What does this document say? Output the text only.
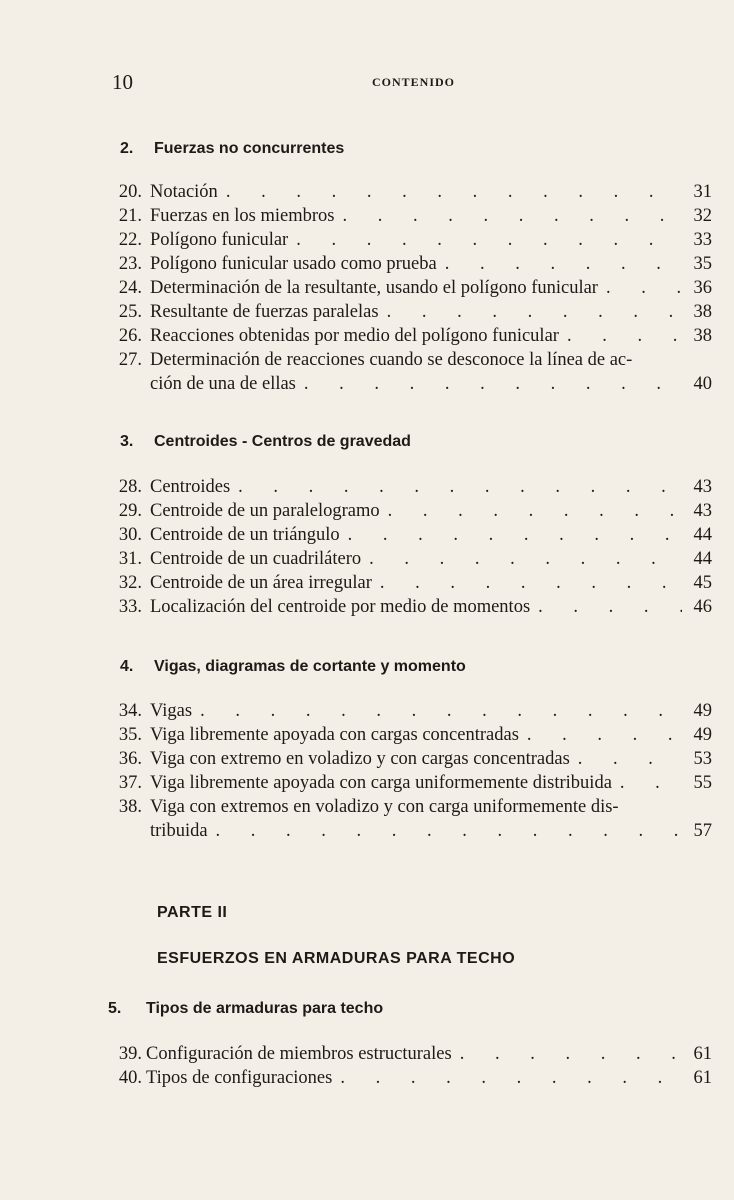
10	CONTENIDO
2. Fuerzas no concurrentes
20. Notación . . .	31
21. Fuerzas en los miembros . . .	32
22. Polígono funicular . . .	33
23. Polígono funicular usado como prueba . . .	35
24. Determinación de la resultante, usando el polígono funicular . . .	36
25. Resultante de fuerzas paralelas . . .	38
26. Reacciones obtenidas por medio del polígono funicular . . .	38
27. Determinación de reacciones cuando se desconoce la línea de ac-
ción de una de ellas . . .	40
3. Centroides - Centros de gravedad
28. Centroides . . .	43
29. Centroide de un paralelogramo . . .	43
30. Centroide de un triángulo . . .	44
31. Centroide de un cuadrilátero . . .	44
32. Centroide de un área irregular . . .	45
33. Localización del centroide por medio de momentos . . .	46
4. Vigas, diagramas de cortante y momento
34. Vigas . . .	49
35. Viga libremente apoyada con cargas concentradas . . .	49
36. Viga con extremo en voladizo y con cargas concentradas . . .	53
37. Viga libremente apoyada con carga uniformemente distribuida . . .	55
38. Viga con extremos en voladizo y con carga uniformemente dis-
tribuida . . .	57
PARTE II
ESFUERZOS EN ARMADURAS PARA TECHO
5. Tipos de armaduras para techo
39. Configuración de miembros estructurales . . .	61
40. Tipos de configuraciones . . .	61
